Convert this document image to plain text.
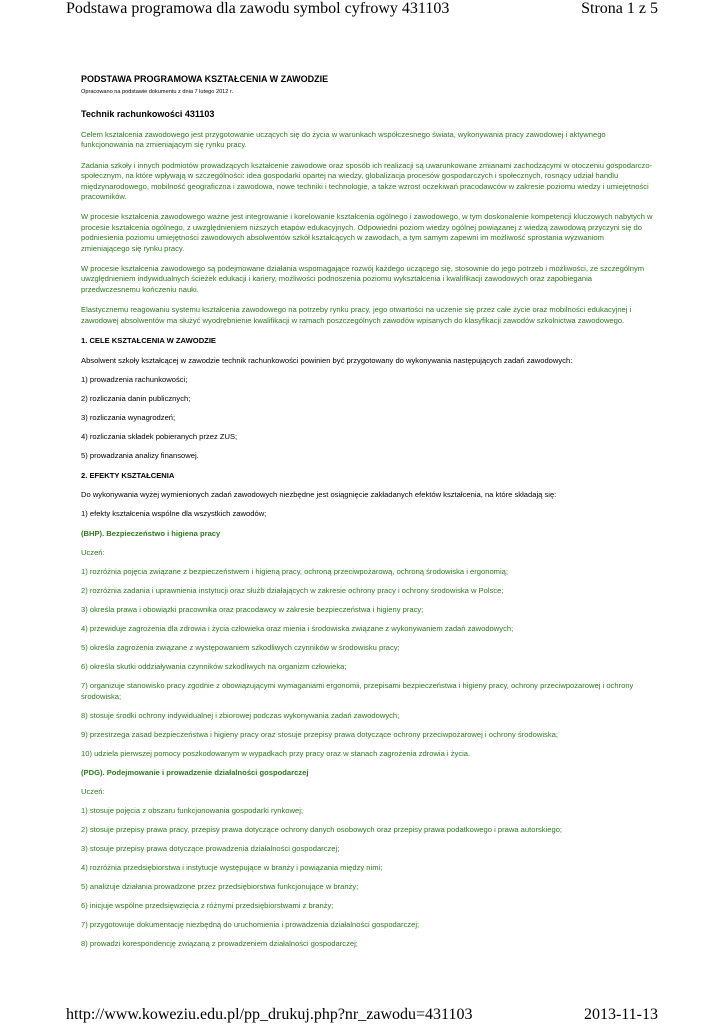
Podstawa programowa dla zawodu symbol cyfrowy 431103	Strona 1 z 5
PODSTAWA PROGRAMOWA KSZTAŁCENIA W ZAWODZIE
Opracowano na podstawie dokumentu z dnia 7 lutego 2012 r.
Technik rachunkowości 431103

Celem kształcenia zawodowego jest przygotowanie uczących się do życia w warunkach współczesnego świata, wykonywania pracy zawodowej i aktywnego funkcjonowania na zmieniającym się rynku pracy.

Zadania szkoły i innych podmiotów prowadzących kształcenie zawodowe oraz sposób ich realizacji są uwarunkowane zmianami zachodzącymi w otoczeniu gospodarczo-społecznym, na które wpływają w szczególności: idea gospodarki opartej na wiedzy, globalizacja procesów gospodarczych i społecznych, rosnący udział handlu międzynarodowego, mobilność geograficzna i zawodowa, nowe techniki i technologie, a także wzrost oczekiwań pracodawców w zakresie poziomu wiedzy i umiejętności pracowników.

W procesie kształcenia zawodowego ważne jest integrowanie i korelowanie kształcenia ogólnego i zawodowego, w tym doskonalenie kompetencji kluczowych nabytych w procesie kształcenia ogólnego, z uwzględnieniem niższych etapów edukacyjnych. Odpowiedni poziom wiedzy ogólnej powiązanej z wiedzą zawodową przyczyni się do podniesienia poziomu umiejętności zawodowych absolwentów szkół kształcących w zawodach, a tym samym zapewni im możliwość sprostania wyzwaniom zmieniającego się rynku pracy.

W procesie kształcenia zawodowego są podejmowane działania wspomagające rozwój każdego uczącego się, stosownie do jego potrzeb i możliwości, ze szczególnym uwzględnieniem indywidualnych ścieżek edukacji i kariery, możliwości podnoszenia poziomu wykształcenia i kwalifikacji zawodowych oraz zapobiegania przedwczesnemu kończeniu nauki.

Elastycznemu reagowaniu systemu kształcenia zawodowego na potrzeby rynku pracy, jego otwartości na uczenie się przez całe życie oraz mobilności edukacyjnej i zawodowej absolwentów ma służyć wyodrębnienie kwalifikacji w ramach poszczególnych zawodów wpisanych do klasyfikacji zawodów szkolnictwa zawodowego.

1. CELE KSZTAŁCENIA W ZAWODZIE
Absolwent szkoły kształcącej w zawodzie technik rachunkowości powinien być przygotowany do wykonywania następujących zadań zawodowych:
1) prowadzenia rachunkowości;
2) rozliczania danin publicznych;
3) rozliczania wynagrodzeń;
4) rozliczania składek pobieranych przez ZUS;
5) prowadzania analizy finansowej.
2. EFEKTY KSZTAŁCENIA
Do wykonywania wyżej wymienionych zadań zawodowych niezbędne jest osiągnięcie zakładanych efektów kształcenia, na które składają się:
1) efekty kształcenia wspólne dla wszystkich zawodów;
(BHP). Bezpieczeństwo i higiena pracy
Uczeń:
1) rozróżnia pojęcia związane z bezpieczeństwem i higieną pracy, ochroną przeciwpożarową, ochroną środowiska i ergonomią;
2) rozróżnia zadania i uprawnienia instytucji oraz służb działających w zakresie ochrony pracy i ochrony środowiska w Polsce;
3) określa prawa i obowiązki pracownika oraz pracodawcy w zakresie bezpieczeństwa i higieny pracy;
4) przewiduje zagrożenia dla zdrowia i życia człowieka oraz mienia i środowiska związane z wykonywaniem zadań zawodowych;
5) określa zagrożenia związane z występowaniem szkodliwych czynników w środowisku pracy;
6) określa skutki oddziaływania czynników szkodliwych na organizm człowieka;
7) organizuje stanowisko pracy zgodnie z obowiązującymi wymaganiami ergonomii, przepisami bezpieczeństwa i higieny pracy, ochrony przeciwpożarowej i ochrony środowiska;
8) stosuje środki ochrony indywidualnej i zbiorowej podczas wykonywania zadań zawodowych;
9) przestrzega zasad bezpieczeństwa i higieny pracy oraz stosuje przepisy prawa dotyczące ochrony przeciwpożarowej i ochrony środowiska;
10) udziela pierwszej pomocy poszkodowanym w wypadkach przy pracy oraz w stanach zagrożenia zdrowia i życia.
(PDG). Podejmowanie i prowadzenie działalności gospodarczej
Uczeń:
1) stosuje pojęcia z obszaru funkcjonowania gospodarki rynkowej;
2) stosuje przepisy prawa pracy, przepisy prawa dotyczące ochrony danych osobowych oraz przepisy prawa podatkowego i prawa autorskiego;
3) stosuje przepisy prawa dotyczące prowadzenia działalności gospodarczej;
4) rozróżnia przedsiębiorstwa i instytucje występujące w branży i powiązania między nimi;
5) analizuje działania prowadzone przez przedsiębiorstwa funkcjonujące w branży;
6) inicjuje wspólne przedsięwzięcia z różnymi przedsiębiorstwami z branży;
7) przygotowuje dokumentację niezbędną do uruchomienia i prowadzenia działalności gospodarczej;
8) prowadzi korespondencję związaną z prowadzeniem działalności gospodarczej;
http://www.koweziu.edu.pl/pp_drukuj.php?nr_zawodu=431103	2013-11-13
